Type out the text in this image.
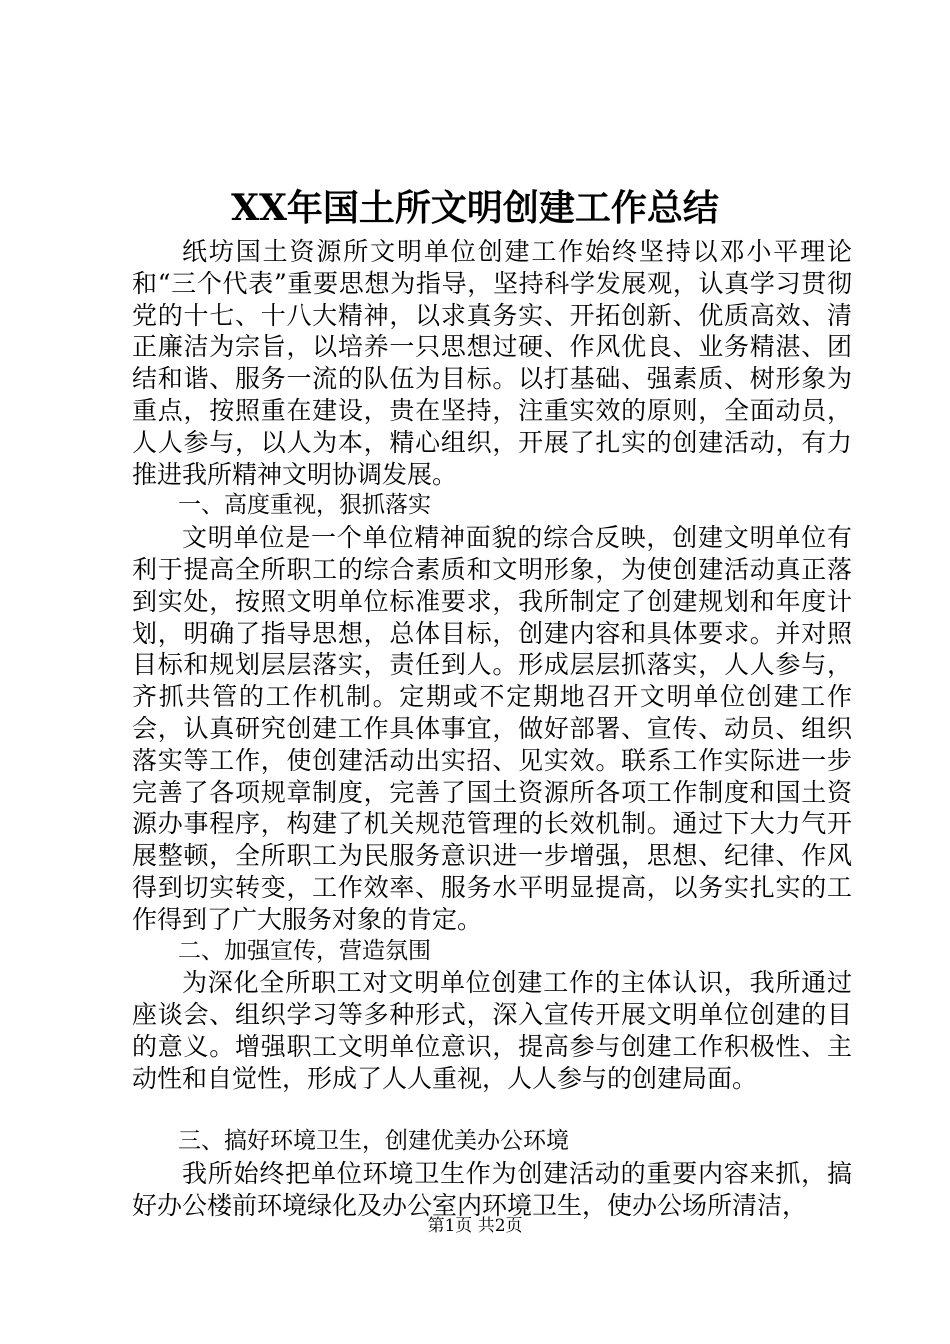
XX年国土所文明创建工作总结

纸坊国土资源所文明单位创建工作始终坚持以邓小平理论和“三个代表”重要思想为指导，坚持科学发展观，认真学习贯彻党的十七、十八大精神，以求真务实、开拓创新、优质高效、清正廉洁为宗旨，以培养一只思想过硬、作风优良、业务精湛、团结和谐、服务一流的队伍为目标。以打基础、强素质、树形象为重点，按照重在建设，贵在坚持，注重实效的原则，全面动员，人人参与，以人为本，精心组织，开展了扎实的创建活动，有力推进我所精神文明协调发展。

一、高度重视，狠抓落实

文明单位是一个单位精神面貌的综合反映，创建文明单位有利于提高全所职工的综合素质和文明形象，为使创建活动真正落到实处，按照文明单位标准要求，我所制定了创建规划和年度计划，明确了指导思想，总体目标，创建内容和具体要求。并对照目标和规划层层落实，责任到人。形成层层抓落实，人人参与，齐抓共管的工作机制。定期或不定期地召开文明单位创建工作会，认真研究创建工作具体事宜，做好部署、宣传、动员、组织落实等工作，使创建活动出实招、见实效。联系工作实际进一步完善了各项规章制度，完善了国土资源所各项工作制度和国土资源办事程序，构建了机关规范管理的长效机制。通过下大力气开展整顿，全所职工为民服务意识进一步增强，思想、纪律、作风得到切实转变，工作效率、服务水平明显提高，以务实扎实的工作得到了广大服务对象的肯定。

二、加强宣传，营造氛围

为深化全所职工对文明单位创建工作的主体认识，我所通过座谈会、组织学习等多种形式，深入宣传开展文明单位创建的目的意义。增强职工文明单位意识，提高参与创建工作积极性、主动性和自觉性，形成了人人重视，人人参与的创建局面。

三、搞好环境卫生，创建优美办公环境

我所始终把单位环境卫生作为创建活动的重要内容来抓，搞好办公楼前环境绿化及办公室内环境卫生，使办公场所清洁，

第1页 共2页
